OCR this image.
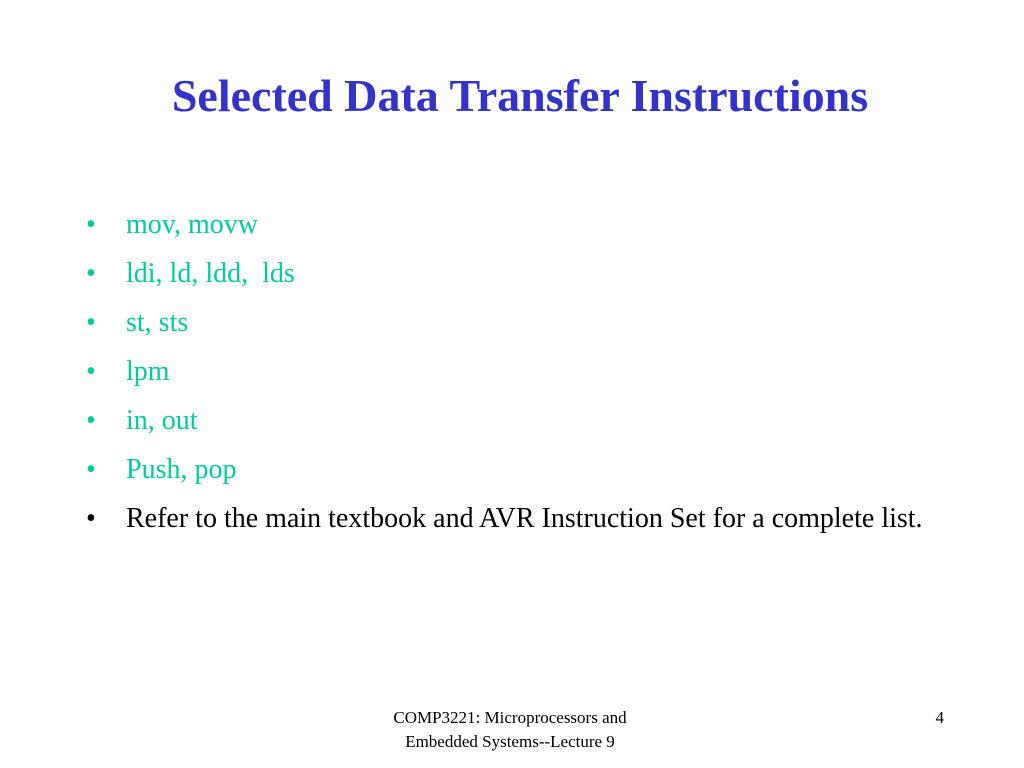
Selected Data Transfer Instructions
•	mov, movw
•	ldi, ld, ldd,  lds
•	st, sts
•	lpm
•	in, out
•	Push, pop
•	Refer to the main textbook and AVR Instruction Set for a complete list.
COMP3221: Microprocessors and
Embedded Systems--Lecture 9
4
